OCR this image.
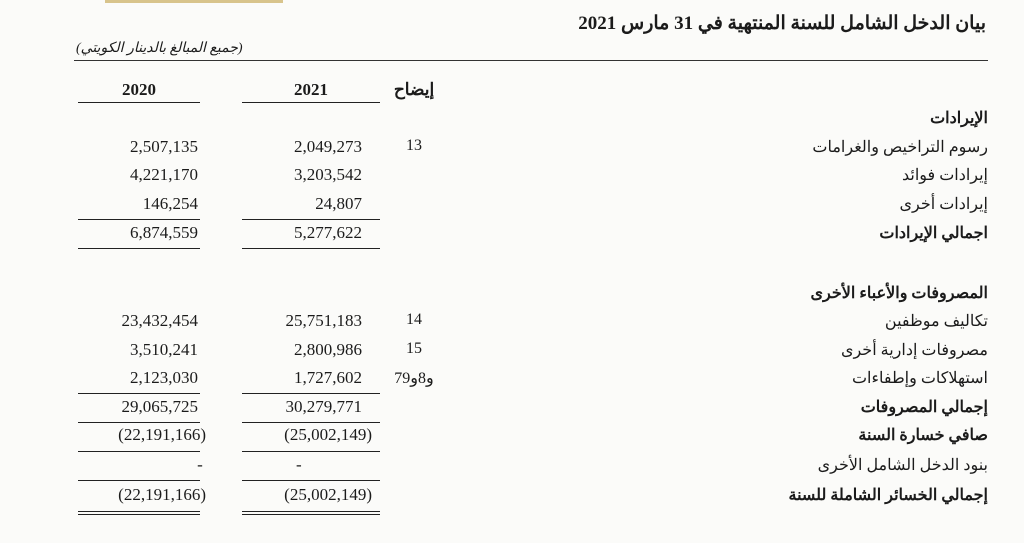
بيان الدخل الشامل للسنة المنتهية في 31 مارس 2021
(جميع المبالغ بالدينار الكويتي)
2020	2021	إيضاح
الإيرادات
رسوم التراخيص والغرامات
13
2,049,273
2,507,135
إيرادات فوائد
3,203,542
4,221,170
إيرادات أخرى
24,807
146,254
اجمالي الإيرادات
5,277,622
6,874,559
المصروفات والأعباء الأخرى
تكاليف موظفين
14
25,751,183
23,432,454
مصروفات إدارية أخرى
15
2,800,986
3,510,241
استهلاكات وإطفاءات
7و8و9
1,727,602
2,123,030
إجمالي المصروفات
30,279,771
29,065,725
صافي خسارة السنة
(25,002,149)
(22,191,166)
بنود الدخل الشامل الأخرى
-
-
إجمالي الخسائر الشاملة للسنة
(25,002,149)
(22,191,166)
